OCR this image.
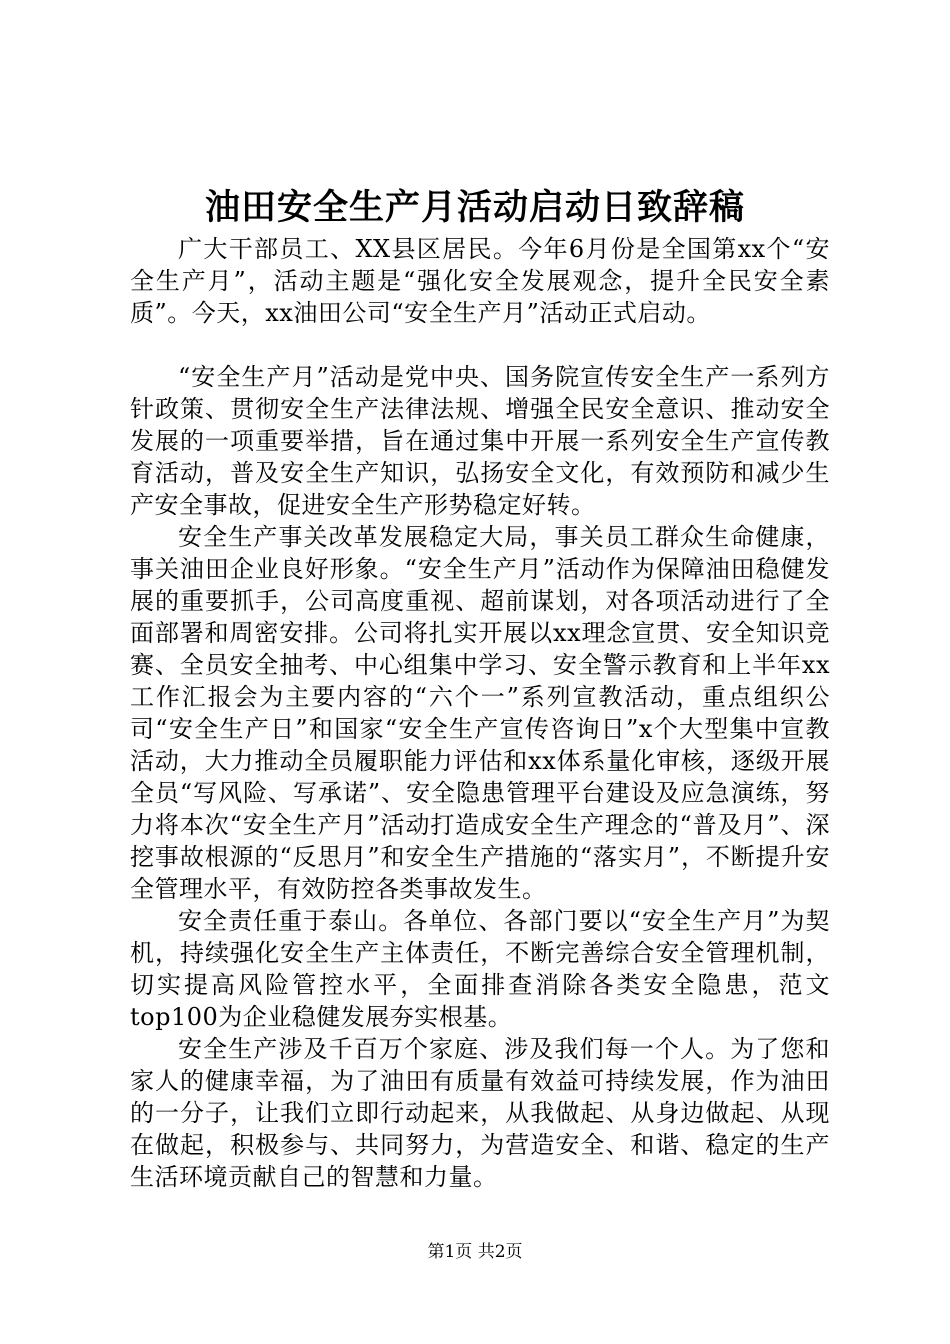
油田安全生产月活动启动日致辞稿

广大干部员工、XX县区居民。今年6月份是全国第xx个“安全生产月”，活动主题是“强化安全发展观念，提升全民安全素质”。今天，xx油田公司“安全生产月”活动正式启动。

“安全生产月”活动是党中央、国务院宣传安全生产一系列方针政策、贯彻安全生产法律法规、增强全民安全意识、推动安全发展的一项重要举措，旨在通过集中开展一系列安全生产宣传教育活动，普及安全生产知识，弘扬安全文化，有效预防和减少生产安全事故，促进安全生产形势稳定好转。

安全生产事关改革发展稳定大局，事关员工群众生命健康，事关油田企业良好形象。“安全生产月”活动作为保障油田稳健发展的重要抓手，公司高度重视、超前谋划，对各项活动进行了全面部署和周密安排。公司将扎实开展以xx理念宣贯、安全知识竞赛、全员安全抽考、中心组集中学习、安全警示教育和上半年xx工作汇报会为主要内容的“六个一”系列宣教活动，重点组织公司“安全生产日”和国家“安全生产宣传咨询日”x个大型集中宣教活动，大力推动全员履职能力评估和xx体系量化审核，逐级开展全员“写风险、写承诺”、安全隐患管理平台建设及应急演练，努力将本次“安全生产月”活动打造成安全生产理念的“普及月”、深挖事故根源的“反思月”和安全生产措施的“落实月”，不断提升安全管理水平，有效防控各类事故发生。

安全责任重于泰山。各单位、各部门要以“安全生产月”为契机，持续强化安全生产主体责任，不断完善综合安全管理机制，切实提高风险管控水平，全面排查消除各类安全隐患，范文top100为企业稳健发展夯实根基。

安全生产涉及千百万个家庭、涉及我们每一个人。为了您和家人的健康幸福，为了油田有质量有效益可持续发展，作为油田的一分子，让我们立即行动起来，从我做起、从身边做起、从现在做起，积极参与、共同努力，为营造安全、和谐、稳定的生产生活环境贡献自己的智慧和力量。

第1页 共2页
